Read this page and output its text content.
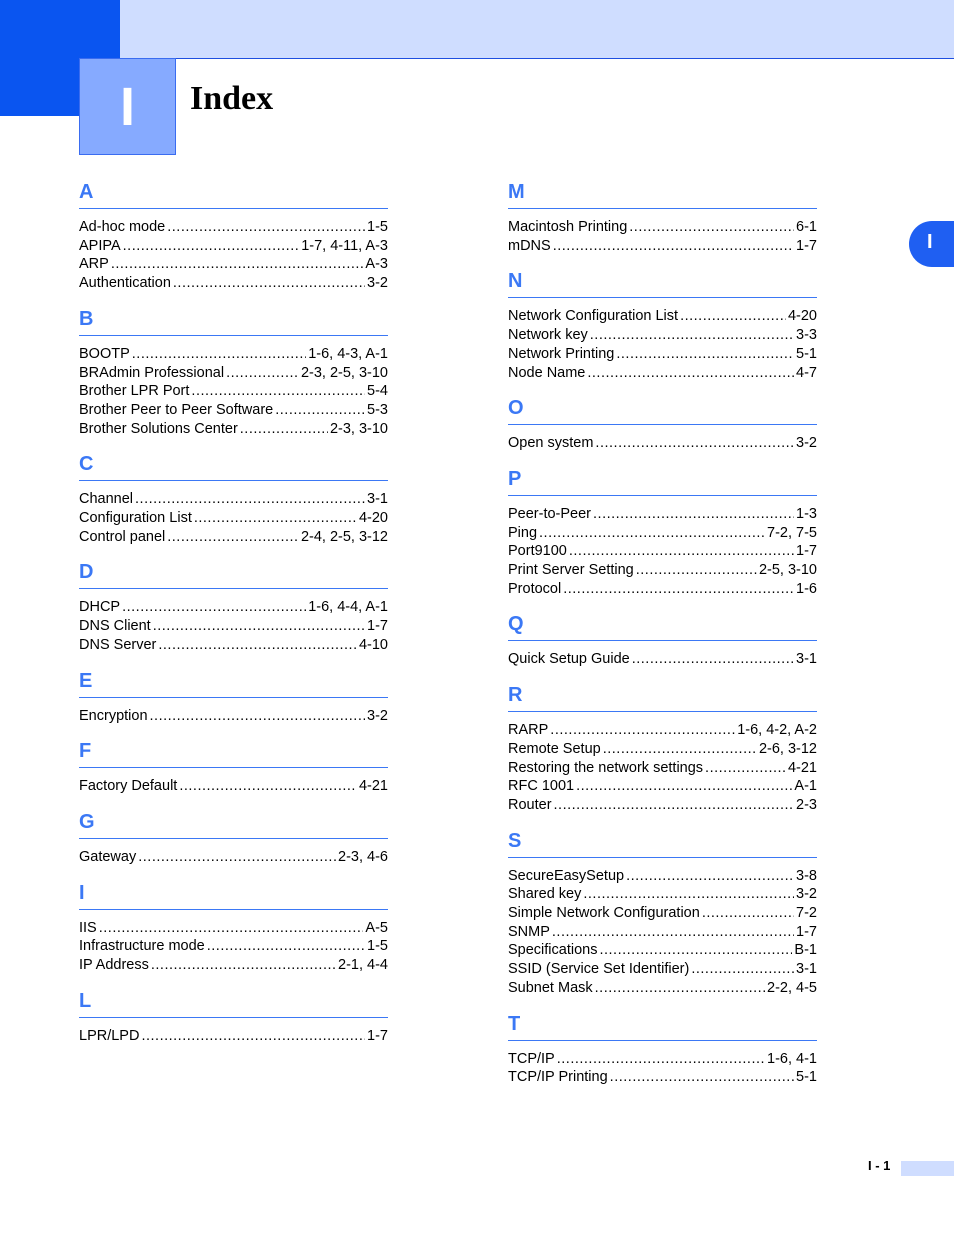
I Index
I
A
Ad-hoc mode .....	1-5
APIPA .....	1-7, 4-11, A-3
ARP .....	A-3
Authentication .....	3-2
B
BOOTP .....	1-6, 4-3, A-1
BRAdmin Professional .....	2-3, 2-5, 3-10
Brother LPR Port .....	5-4
Brother Peer to Peer Software .....	5-3
Brother Solutions Center .....	2-3, 3-10
C
Channel .....	3-1
Configuration List .....	4-20
Control panel .....	2-4, 2-5, 3-12
D
DHCP .....	1-6, 4-4, A-1
DNS Client .....	1-7
DNS Server .....	4-10
E
Encryption .....	3-2
F
Factory Default .....	4-21
G
Gateway .....	2-3, 4-6
I
IIS .....	A-5
Infrastructure mode .....	1-5
IP Address .....	2-1, 4-4
L
LPR/LPD .....	1-7
M
Macintosh Printing .....	6-1
mDNS .....	1-7
N
Network Configuration List .....	4-20
Network key .....	3-3
Network Printing .....	5-1
Node Name .....	4-7
O
Open system .....	3-2
P
Peer-to-Peer .....	1-3
Ping .....	7-2, 7-5
Port9100 .....	1-7
Print Server Setting .....	2-5, 3-10
Protocol .....	1-6
Q
Quick Setup Guide .....	3-1
R
RARP .....	1-6, 4-2, A-2
Remote Setup .....	2-6, 3-12
Restoring the network settings .....	4-21
RFC 1001 .....	A-1
Router .....	2-3
S
SecureEasySetup .....	3-8
Shared key .....	3-2
Simple Network Configuration .....	7-2
SNMP .....	1-7
Specifications .....	B-1
SSID (Service Set Identifier) .....	3-1
Subnet Mask .....	2-2, 4-5
T
TCP/IP .....	1-6, 4-1
TCP/IP Printing .....	5-1
I - 1
